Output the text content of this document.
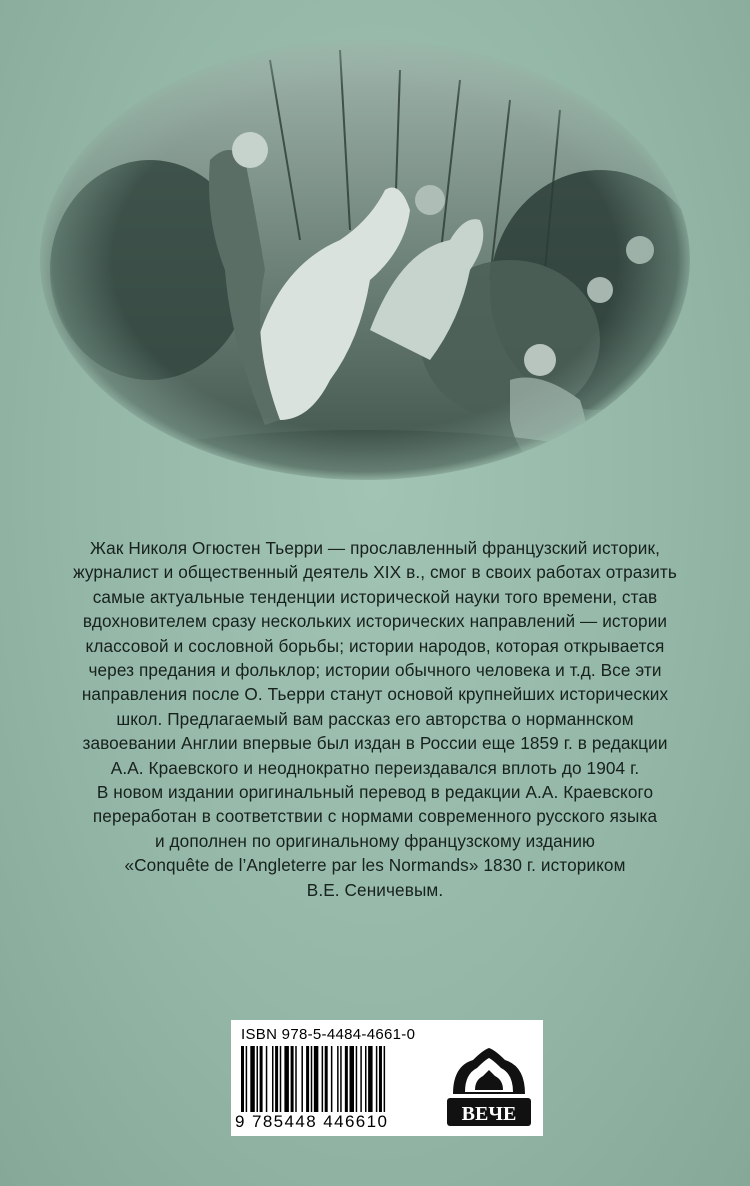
Жак Николя Огюстен Тьерри — прославленный французский историк,
журналист и общественный деятель XIX в., смог в своих работах отразить
самые актуальные тенденции исторической науки того времени, став
вдохновителем сразу нескольких исторических направлений — истории
классовой и сословной борьбы; истории народов, которая открывается
через предания и фольклор; истории обычного человека и т.д. Все эти
направления после О. Тьерри станут основой крупнейших исторических
школ. Предлагаемый вам рассказ его авторства о норманнском
завоевании Англии впервые был издан в России еще 1859 г. в редакции
А.А. Краевского и неоднократно переиздавался вплоть до 1904 г.
В новом издании оригинальный перевод в редакции А.А. Краевского
переработан в соответствии с нормами современного русского языка
и дополнен по оригинальному французскому изданию
«Conquête de l’Angleterre par les Normands» 1830 г. историком
В.Е. Сеничевым.
ISBN 978-5-4484-4661-0
9 785448 446610	ВЕЧЕ
